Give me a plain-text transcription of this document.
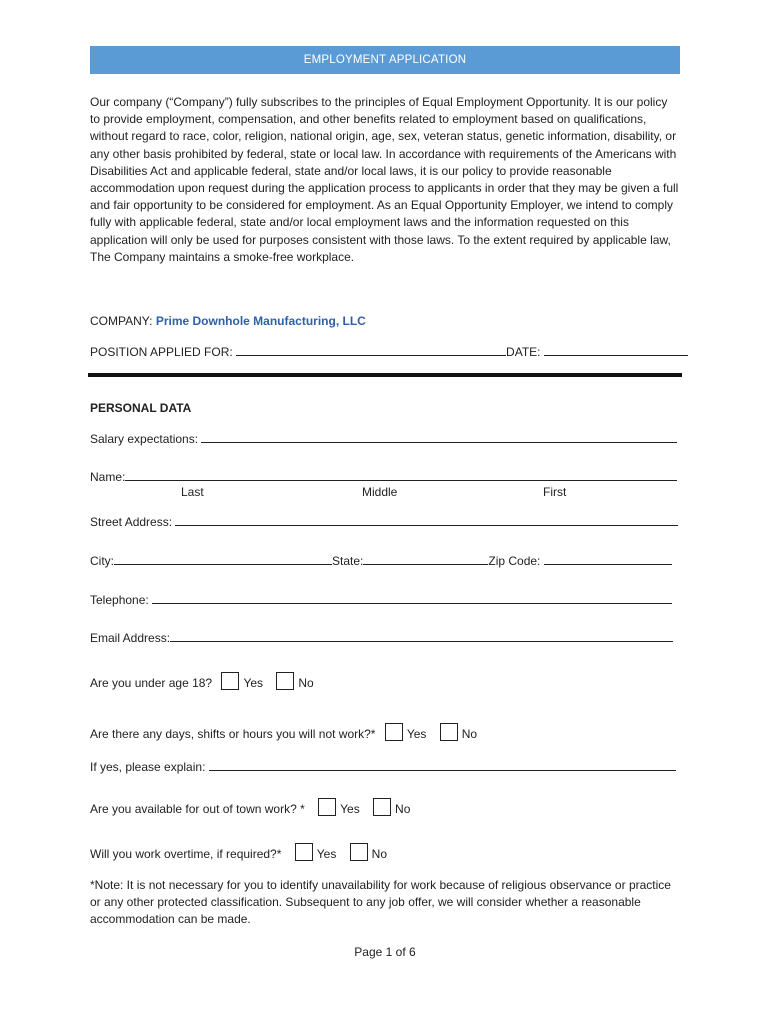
EMPLOYMENT APPLICATION
Our company (“Company”) fully subscribes to the principles of Equal Employment Opportunity. It is our policy to provide employment, compensation, and other benefits related to employment based on qualifications, without regard to race, color, religion, national origin, age, sex, veteran status, genetic information, disability, or any other basis prohibited by federal, state or local law. In accordance with requirements of the Americans with Disabilities Act and applicable federal, state and/or local laws, it is our policy to provide reasonable accommodation upon request during the application process to applicants in order that they may be given a full and fair opportunity to be considered for employment. As an Equal Opportunity Employer, we intend to comply fully with applicable federal, state and/or local employment laws and the information requested on this application will only be used for purposes consistent with those laws. To the extent required by applicable law, The Company maintains a smoke-free workplace.
COMPANY: Prime Downhole Manufacturing, LLC
POSITION APPLIED FOR:	DATE:
PERSONAL DATA
Salary expectations:
Name:
Last	Middle	First
Street Address:
City:	State:	Zip Code:
Telephone:
Email Address:
Are you under age 18?	Yes	No
Are there any days, shifts or hours you will not work?*	Yes	No
If yes, please explain:
Are you available for out of town work? *	Yes	No
Will you work overtime, if required?*	Yes	No
*Note: It is not necessary for you to identify unavailability for work because of religious observance or practice or any other protected classification. Subsequent to any job offer, we will consider whether a reasonable accommodation can be made.
Page 1 of 6
